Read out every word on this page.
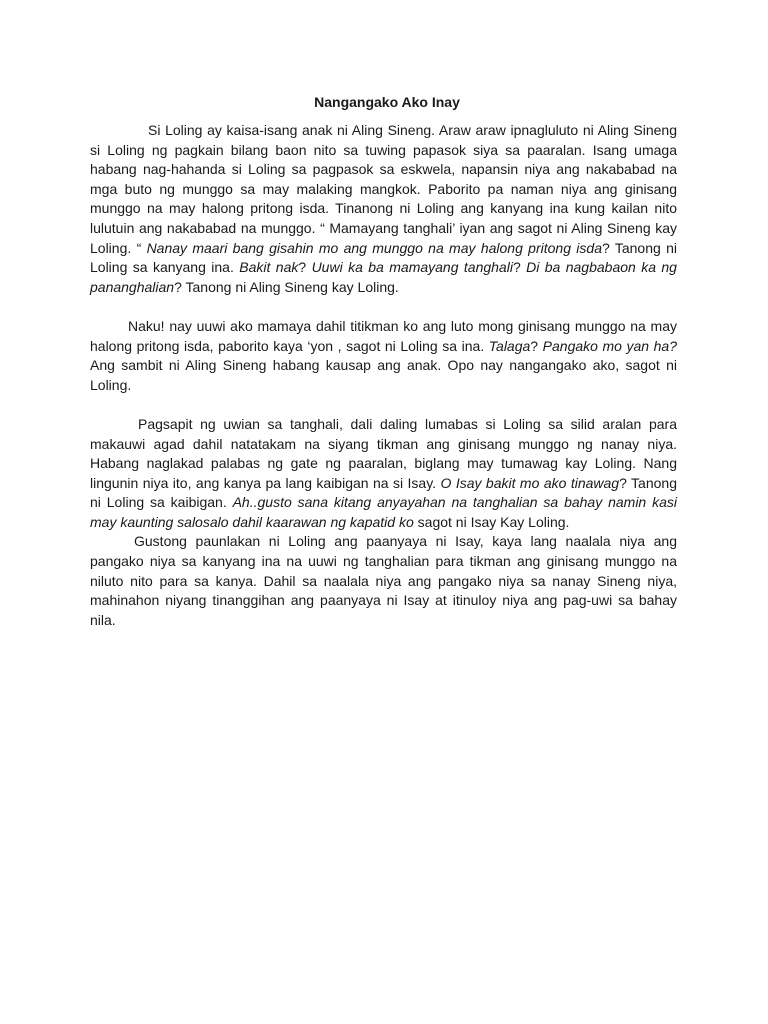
Nangangako Ako Inay

Si Loling ay kaisa-isang anak ni Aling Sineng. Araw araw ipnagluluto ni Aling Sineng si Loling ng pagkain bilang baon nito sa tuwing papasok siya sa paaralan. Isang umaga habang nag-hahanda si Loling sa pagpasok sa eskwela, napansin niya ang nakababad na mga buto ng munggo sa may malaking mangkok. Paborito pa naman niya ang ginisang munggo na may halong pritong isda. Tinanong ni Loling ang kanyang ina kung kailan nito lulutuin ang nakababad na munggo. “ Mamayang tanghali’ iyan ang sagot ni Aling Sineng kay Loling. “ Nanay maari bang gisahin mo ang munggo na may halong pritong isda? Tanong ni Loling sa kanyang ina. Bakit nak? Uuwi ka ba mamayang tanghali? Di ba nagbabaon ka ng pananghalian? Tanong ni Aling Sineng kay Loling.

Naku! nay uuwi ako mamaya dahil titikman ko ang luto mong ginisang munggo na may halong pritong isda, paborito kaya ‘yon , sagot ni Loling sa ina. Talaga? Pangako mo yan ha? Ang sambit ni Aling Sineng habang kausap ang anak. Opo nay nangangako ako, sagot ni Loling.

Pagsapit ng uwian sa tanghali, dali daling lumabas si Loling sa silid aralan para makauwi agad dahil natatakam na siyang tikman ang ginisang munggo ng nanay niya. Habang naglakad palabas ng gate ng paaralan, biglang may tumawag kay Loling. Nang lingunin niya ito, ang kanya pa lang kaibigan na si Isay. O Isay bakit mo ako tinawag? Tanong ni Loling sa kaibigan. Ah..gusto sana kitang anyayahan na tanghalian sa bahay namin kasi may kaunting salosalo dahil kaarawan ng kapatid ko sagot ni Isay Kay Loling.

Gustong paunlakan ni Loling ang paanyaya ni Isay, kaya lang naalala niya ang pangako niya sa kanyang ina na uuwi ng tanghalian para tikman ang ginisang munggo na niluto nito para sa kanya. Dahil sa naalala niya ang pangako niya sa nanay Sineng niya, mahinahon niyang tinanggihan ang paanyaya ni Isay at itinuloy niya ang pag-uwi sa bahay nila.
